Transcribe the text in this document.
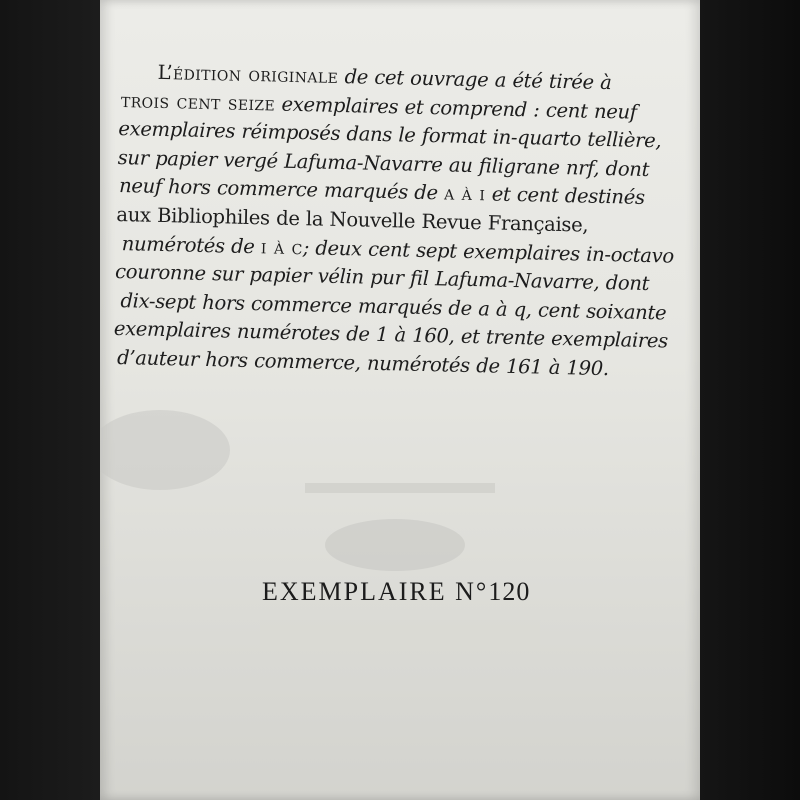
L’édition originale de cet ouvrage a été tirée à
trois cent seize exemplaires et comprend : cent neuf
exemplaires réimposés dans le format in-quarto tellière,
sur papier vergé Lafuma-Navarre au filigrane nrf, dont
neuf hors commerce marqués de a à i et cent destinés
aux Bibliophiles de la Nouvelle Revue Française,
numérotés de i à c; deux cent sept exemplaires in-octavo
couronne sur papier vélin pur fil Lafuma-Navarre, dont
dix-sept hors commerce marqués de a à q, cent soixante
exemplaires numérotes de 1 à 160, et trente exemplaires
d’auteur hors commerce, numérotés de 161 à 190.

EXEMPLAIRE N°120
